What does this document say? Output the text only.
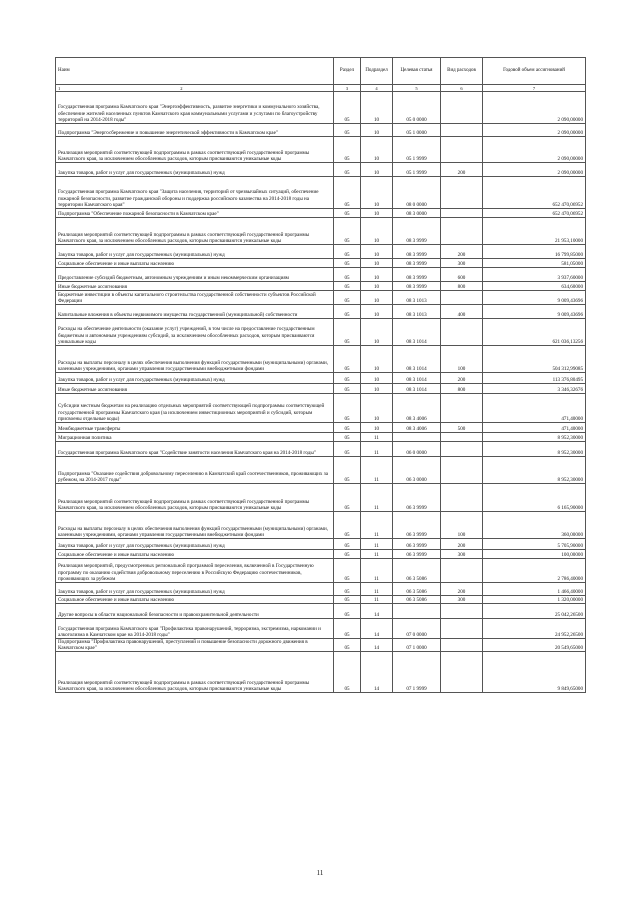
Наим	Раздел	Подраздел	Целевая статья	Вид расходов	Годовой объем ассигнований
1 2	3	4	5	6	7
Государственная программа Камчатского края "Энергоэффективность, развитие энергетики и коммунального хозяйства, обеспечение жителей населенных пунктов Камчатского края коммунальными услугами и услугами по благоустройству территорий на 2014-2018 годы"	05	10	05 0 0000		2 090,00000
Подпрограмма "Энергосбережение и повышение энергетической эффективности в Камчатском крае"	05	10	05 1 0000		2 090,00000
Реализация мероприятий соответствующей подпрограммы в рамках соответствующей государственной программы Камчатского края, за исключением обособленных расходов, которым присваиваются уникальные коды	05	10	05 1 9999		2 090,00000
Закупка товаров, работ и услуг для государственных (муниципальных) нужд	05	10	05 1 9999	200	2 090,00000
Государственная программа Камчатского края "Защита населения, территорий от чрезвычайных ситуаций, обеспечение пожарной безопасности, развитие гражданской обороны и поддержка российского казачества на 2014-2018 годы на территории Камчатского края"	05	10	08 0 0000		652 470,06952
Подпрограмма "Обеспечение пожарной безопасности в Камчатском крае"	05	10	08 3 0000		652 470,06952
Реализация мероприятий соответствующей подпрограммы в рамках соответствующей государственной программы Камчатского края, за исключением обособленных расходов, которым присваиваются уникальные коды	05	10	08 3 9999		21 953,10000
Закупка товаров, работ и услуг для государственных (муниципальных) нужд	05	10	08 3 9999	200	16 799,85000
Социальное обеспечение и иные выплаты населению	05	10	08 3 9999	300	581,05000
Предоставление субсидий бюджетным, автономным учреждениям и иным некоммерческим организациям	05	10	08 3 9999	600	3 937,60000
Иные бюджетные ассигнования	05	10	08 3 9999	800	634,60000
Бюджетные инвестиции в объекты капитального строительства государственной собственности субъектов Российской Федерации	05	10	08 3 1013		9 009,43696
Капитальные вложения в объекты недвижимого имущества государственной (муниципальной) собственности	05	10	08 3 1013	400	9 009,43696
Расходы на обеспечение деятельности (оказание услуг) учреждений, в том числе на предоставление государственным бюджетным и автономным учреждениям субсидий, за исключением обособленных расходов, которым присваиваются уникальные коды	05	10	08 3 1014		621 036,13256
Расходы на выплаты персоналу в целях обеспечения выполнения функций государственными (муниципальными) органами, казенными учреждениями, органами управления государственными внебюджетными фондами	05	10	08 3 1014	100	504 312,99085
Закупка товаров, работ и услуг для государственных (муниципальных) нужд	05	10	08 3 1014	200	113 376,80495
Иные бюджетные ассигнования	05	10	08 3 1014	800	3 346,32676
Субсидии местным бюджетам на реализацию отдельных мероприятий соответствующей подпрограммы соответствующей государственной программы Камчатского края (за исключением инвестиционных мероприятий и субсидий, которым присвоены отдельные коды)	05	10	08 3 4006		471,40000
Межбюджетные трансферты	05	10	08 3 4006	500	471,40000
Миграционная политика	05	11			8 952,30000
Государственная программа Камчатского края "Содействие занятости населения Камчатского края на 2014-2018 годы"	05	11	06 0 0000		8 952,30000
Подпрограмма "Оказание содействия добровольному переселению в Камчатский край соотечественников, проживающих за рубежом, на 2014-2017 годы"	05	11	06 3 0000		8 952,30000
Реализация мероприятий соответствующей подпрограммы в рамках соответствующей государственной программы Камчатского края, за исключением обособленных расходов, которым присваиваются уникальные коды	05	11	06 3 9999		6 165,90000
Расходы на выплаты персоналу в целях обеспечения выполнения функций государственными (муниципальными) органами, казенными учреждениями, органами управления государственными внебюджетными фондами	05	11	06 3 9999	100	360,00000
Закупка товаров, работ и услуг для государственных (муниципальных) нужд	05	11	06 3 9999	200	5 705,90000
Социальное обеспечение и иные выплаты населению	05	11	06 3 9999	300	100,00000
Реализация мероприятий, предусмотренных региональной программой переселения, включенной в Государственную программу по оказанию содействия добровольному переселению в Российскую Федерацию соотечественников, проживающих за рубежом	05	11	06 3 5086		2 786,40000
Закупка товаров, работ и услуг для государственных (муниципальных) нужд	05	11	06 3 5086	200	1 466,40000
Социальное обеспечение и иные выплаты населению	05	11	06 3 5086	300	1 320,00000
Другие вопросы в области национальной безопасности и правоохранительной деятельности	05	14			25 042,26500
Государственная программа Камчатского края "Профилактика правонарушений, терроризма, экстремизма, наркомании и алкоголизма в Камчатском крае на 2014-2018 годы"	05	14	07 0 0000		24 952,26500
Подпрограмма "Профилактика правонарушений, преступлений и повышение безопасности дорожного движения в Камчатском крае"	05	14	07 1 0000		20 549,65000
Реализация мероприятий соответствующей подпрограммы в рамках соответствующей государственной программы Камчатского края, за исключением обособленных расходов, которым присваиваются уникальные коды	05	14	07 1 9999		9 849,65000
11
